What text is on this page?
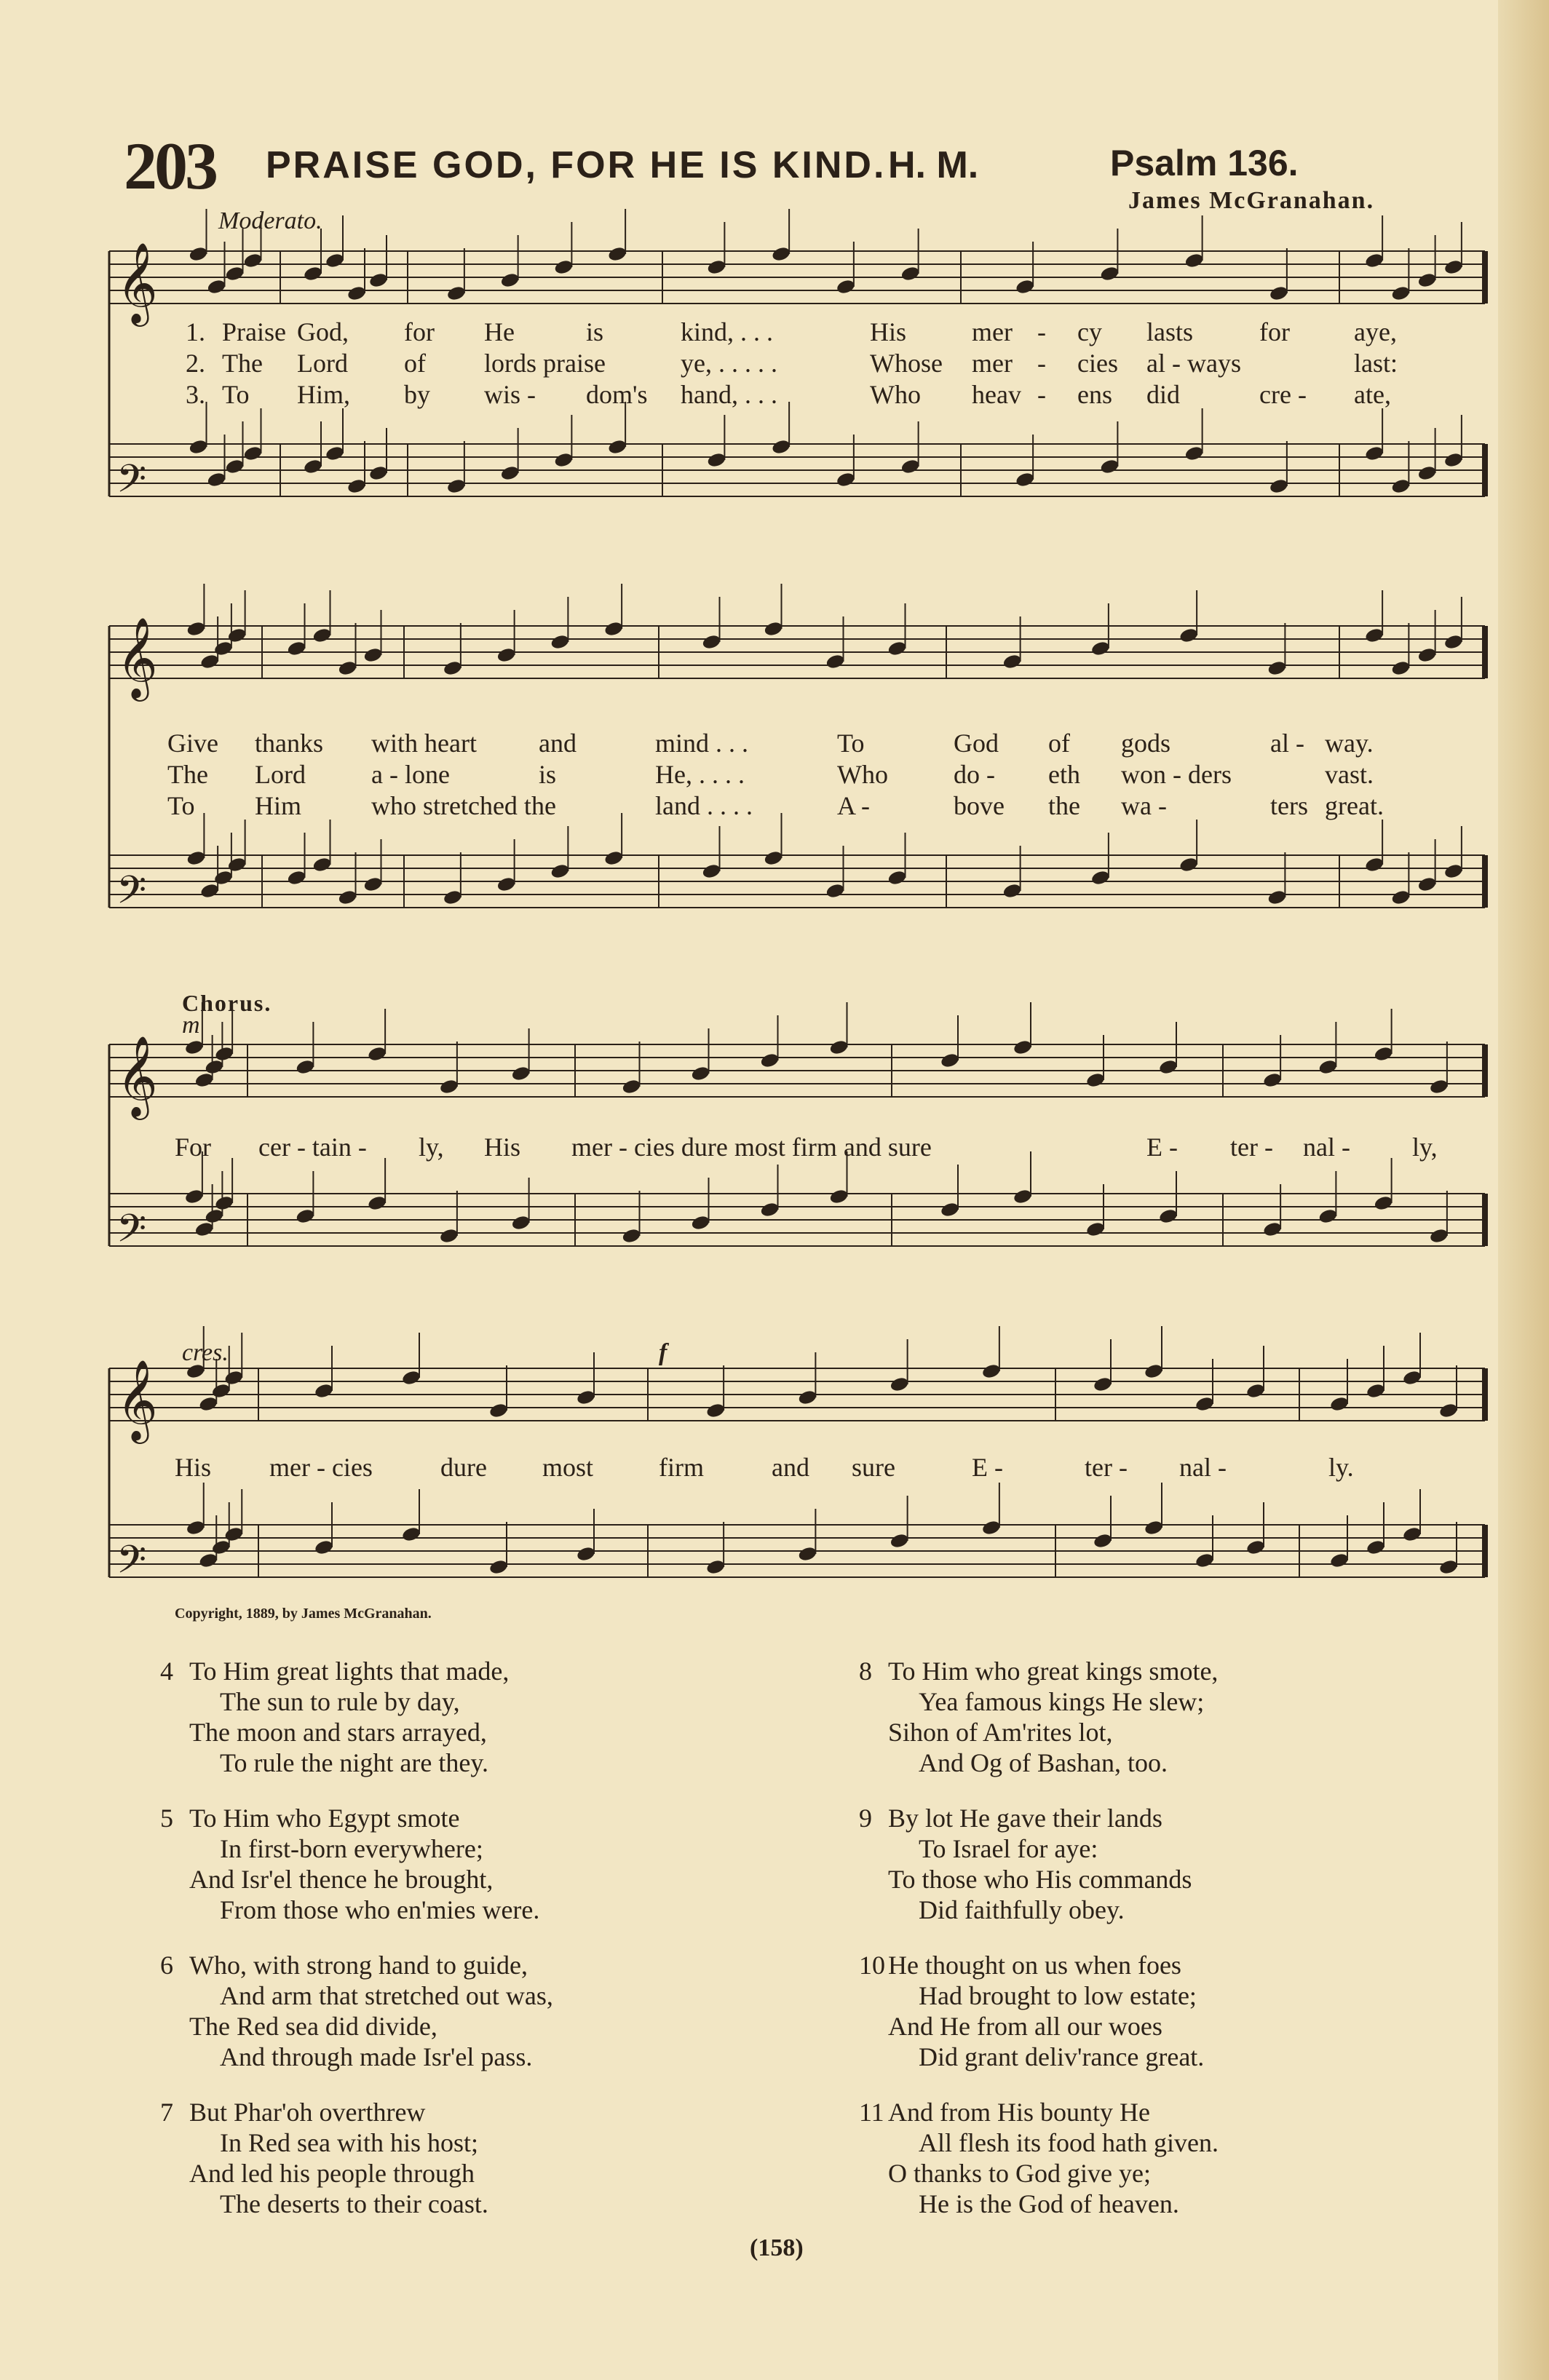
203 PRAISE GOD, FOR HE IS KIND. H. M.	Psalm 136.
James McGranahan.
Moderato.
Chorus.
m
cres.	f
𝄞
𝄢
𝄞
𝄢
𝄞
𝄢
𝄞
𝄢
1. Praise God, for He	is	kind, . . .	His mer - cy lasts	for aye,
2. The Lord of lords praise	ye, . . . . .	Whose mer - cies al - ways	last:
3. To Him, by wis - dom's hand, . . .	Who heav - ens did	cre - ate,
Give thanks with heart and	mind . . .	To	God of gods	al - way.
The Lord	a - lone	is	He, . . . .	Who	do - eth won - ders	vast.
To Him	who stretched the	land . . . .	A -	bove the wa -	ters great.
For cer - tain - ly, His mer - cies dure most firm and sure	E - ter - nal - ly,
His mer - cies	dure most firm	and sure	E -	ter - nal -	ly.
Copyright, 1889, by James McGranahan.
4 To Him great lights that made,
The sun to rule by day,
The moon and stars arrayed,
To rule the night are they.
5 To Him who Egypt smote
In first-born everywhere;
And Isr'el thence he brought,
From those who en'mies were.
6 Who, with strong hand to guide,
And arm that stretched out was,
The Red sea did divide,
And through made Isr'el pass.
7 But Phar'oh overthrew
In Red sea with his host;
And led his people through
The deserts to their coast.
8 To Him who great kings smote,
Yea famous kings He slew;
Sihon of Am'rites lot,
And Og of Bashan, too.
9 By lot He gave their lands
To Israel for aye:
To those who His commands
Did faithfully obey.
10 He thought on us when foes
Had brought to low estate;
And He from all our woes
Did grant deliv'rance great.
11 And from His bounty He
All flesh its food hath given.
O thanks to God give ye;
He is the God of heaven.
(158)
